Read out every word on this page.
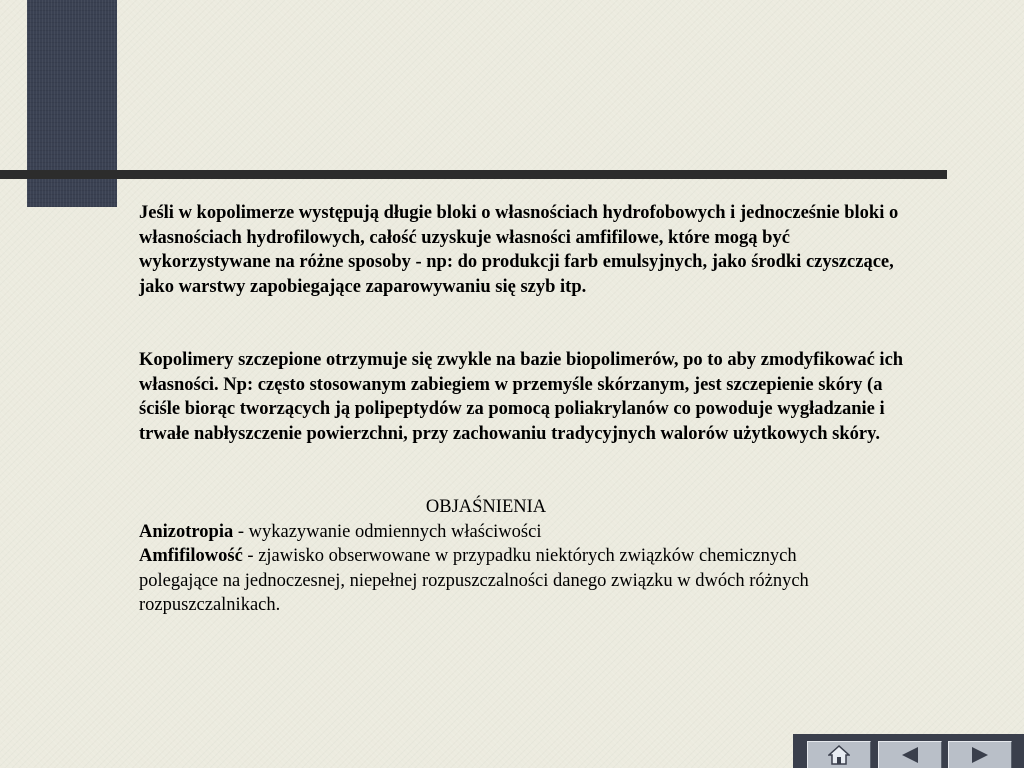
Jeśli w kopolimerze występują długie bloki o własnościach hydrofobowych i jednocześnie bloki o własnościach hydrofilowych, całość uzyskuje własności amfifilowe, które mogą być wykorzystywane na różne sposoby - np: do produkcji farb emulsyjnych, jako środki czyszczące, jako warstwy zapobiegające zaparowywaniu się szyb itp.

Kopolimery szczepione otrzymuje się zwykle na bazie biopolimerów, po to aby zmodyfikować ich własności. Np: często stosowanym zabiegiem w przemyśle skórzanym, jest szczepienie skóry (a ściśle biorąc tworzących ją polipeptydów za pomocą poliakrylanów co powoduje wygładzanie i trwałe nabłyszczenie powierzchni, przy zachowaniu tradycyjnych walorów użytkowych skóry.

OBJAŚNIENIA
Anizotropia - wykazywanie odmiennych właściwości
Amfifilowość - zjawisko obserwowane w przypadku niektórych związków chemicznych polegające na jednoczesnej, niepełnej rozpuszczalności danego związku w dwóch różnych rozpuszczalnikach.
